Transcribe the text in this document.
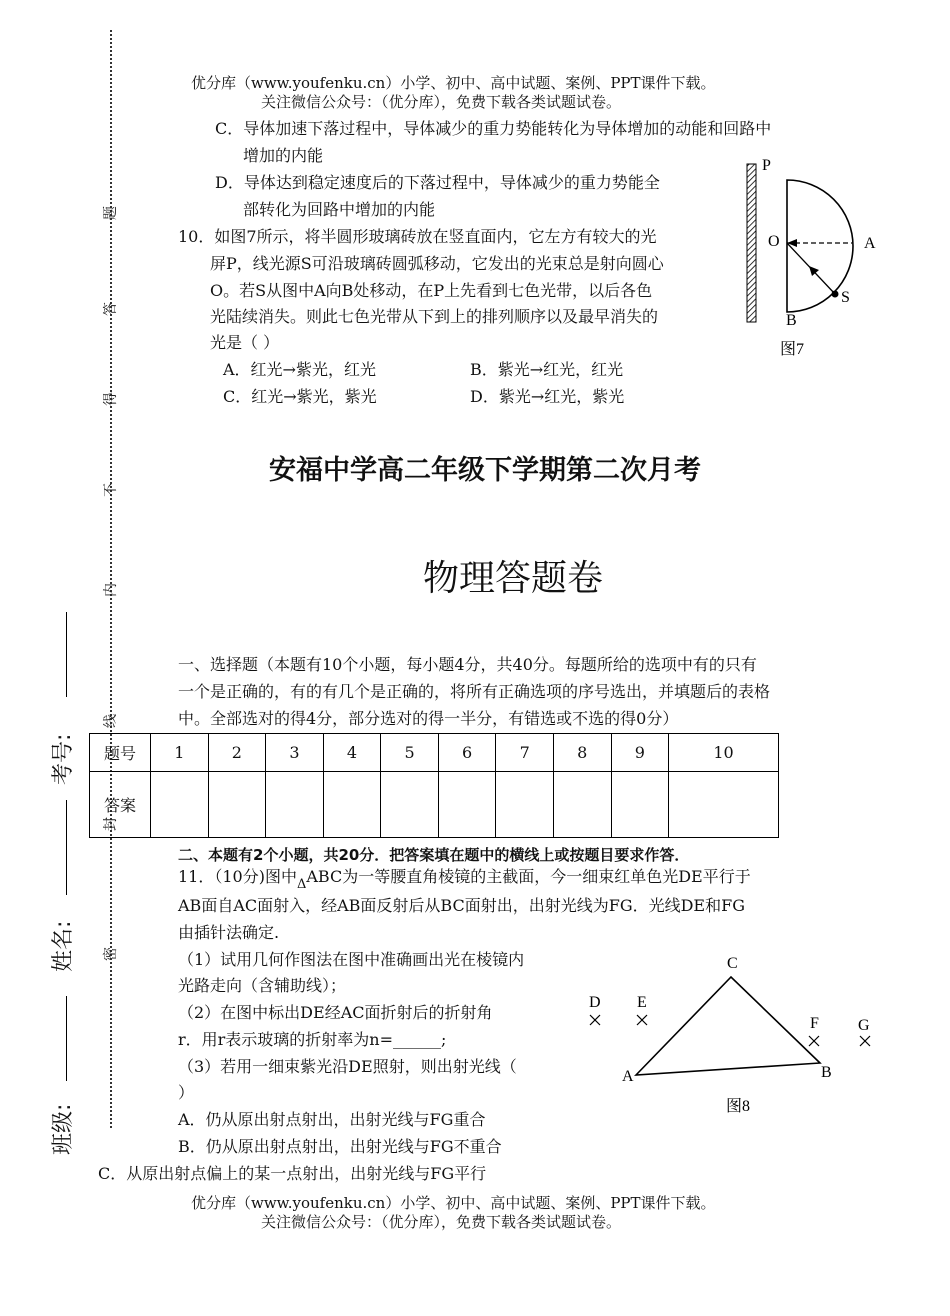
优分库（www.youfenku.cn）小学、初中、高中试题、案例、PPT课件下载。
关注微信公众号：（优分库），免费下载各类试题试卷。
题
答
得
不
内
线
封
密
考号:
姓名:
班级:
C．导体加速下落过程中，导体减少的重力势能转化为导体增加的动能和回路中
增加的内能
D．导体达到稳定速度后的下落过程中，导体减少的重力势能全
部转化为回路中增加的内能
10．如图7所示，将半圆形玻璃砖放在竖直面内，它左方有较大的光
屏P，线光源S可沿玻璃砖圆弧移动，它发出的光束总是射向圆心
O。若S从图中A向B处移动，在P上先看到七色光带，以后各色
光陆续消失。则此七色光带从下到上的排列顺序以及最早消失的
光是（ ）
A．红光→紫光，红光	B．紫光→红光，红光
C．红光→紫光，紫光	D．紫光→红光，紫光
P
O	A
B
S
图7
安福中学高二年级下学期第二次月考
物理答题卷
一、选择题（本题有10个小题，每小题4分，共40分。每题所给的选项中有的只有
一个是正确的，有的有几个是正确的，将所有正确选项的序号选出，并填题后的表格
中。全部选对的得4分，部分选对的得一半分，有错选或不选的得0分）
题号	1	2	3	4	5	6	7	8	9	10
答案										
二、本题有2个小题，共20分．把答案填在题中的横线上或按题目要求作答．
11．（10分)图中$_\Delta$ABC为一等腰直角棱镜的主截面，今一细束红单色光DE平行于
AB面自AC面射入，经AB面反射后从BC面射出，出射光线为FG．光线DE和FG
由插针法确定.
（1）试用几何作图法在图中准确画出光在棱镜内
光路走向（含辅助线）；
（2）在图中标出DE经AC面折射后的折射角
r．用r表示玻璃的折射率为n=______;
（3）若用一细束紫光沿DE照射，则出射光线（
）
A．仍从原出射点射出，出射光线与FG重合
B．仍从原出射点射出，出射光线与FG不重合
C．从原出射点偏上的某一点射出，出射光线与FG平行
C
D E
F G
A	B
图8
优分库（www.youfenku.cn）小学、初中、高中试题、案例、PPT课件下载。
关注微信公众号：（优分库），免费下载各类试题试卷。
